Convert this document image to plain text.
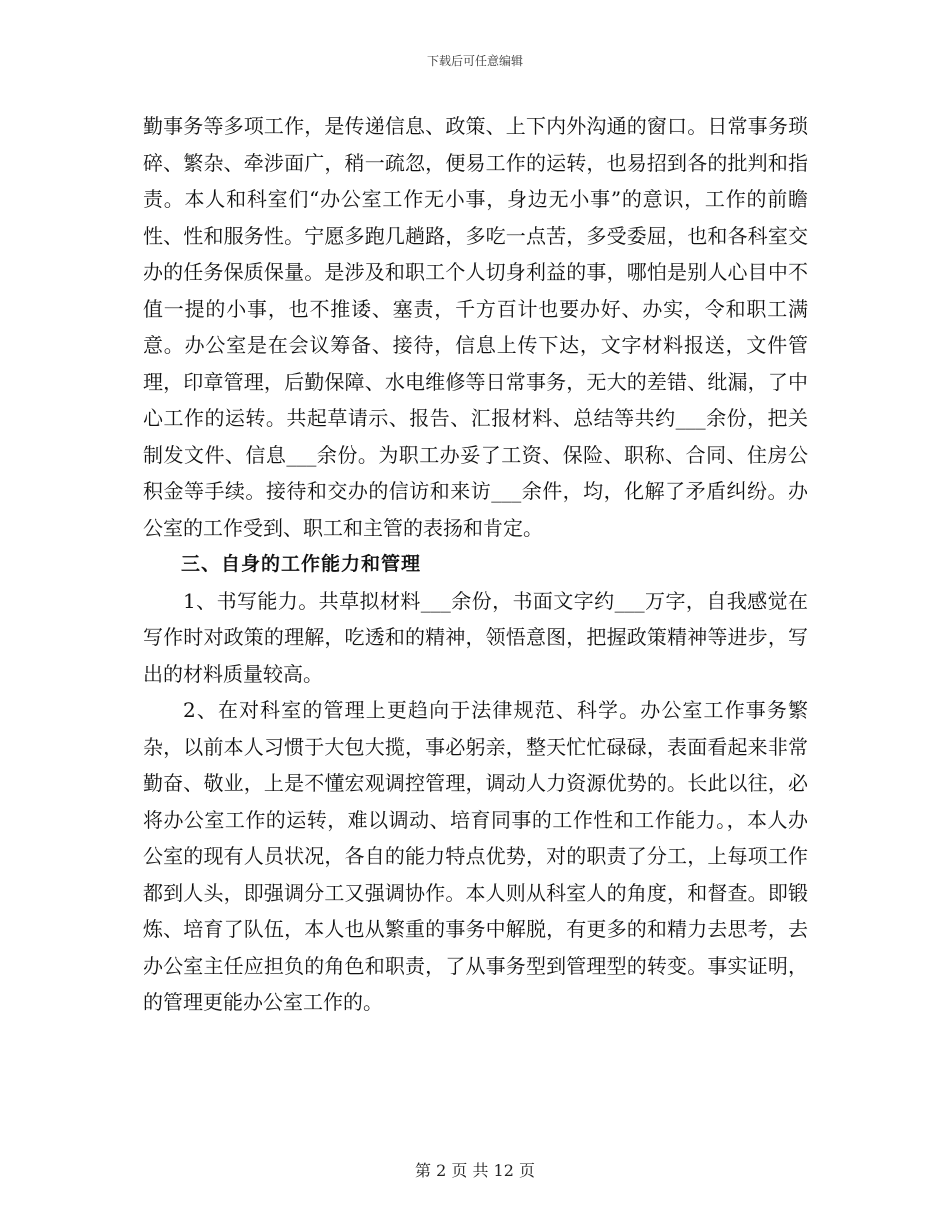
下载后可任意编辑

勤事务等多项工作，是传递信息、政策、上下内外沟通的窗口。日常事务琐碎、繁杂、牵涉面广，稍一疏忽，便易工作的运转，也易招到各的批判和指责。本人和科室们“办公室工作无小事，身边无小事”的意识，工作的前瞻性、性和服务性。宁愿多跑几趟路，多吃一点苦，多受委屈，也和各科室交办的任务保质保量。是涉及和职工个人切身利益的事，哪怕是别人心目中不值一提的小事，也不推诿、塞责，千方百计也要办好、办实，令和职工满意。办公室是在会议筹备、接待，信息上传下达，文字材料报送，文件管理，印章管理，后勤保障、水电维修等日常事务，无大的差错、纰漏，了中心工作的运转。共起草请示、报告、汇报材料、总结等共约___余份，把关制发文件、信息___余份。为职工办妥了工资、保险、职称、合同、住房公积金等手续。接待和交办的信访和来访___余件，均，化解了矛盾纠纷。办公室的工作受到、职工和主管的表扬和肯定。

三、自身的工作能力和管理

1、书写能力。共草拟材料___余份，书面文字约___万字，自我感觉在写作时对政策的理解，吃透和的精神，领悟意图，把握政策精神等进步，写出的材料质量较高。

2、在对科室的管理上更趋向于法律规范、科学。办公室工作事务繁杂，以前本人习惯于大包大揽，事必躬亲，整天忙忙碌碌，表面看起来非常勤奋、敬业，上是不懂宏观调控管理，调动人力资源优势的。长此以往，必将办公室工作的运转，难以调动、培育同事的工作性和工作能力。，本人办公室的现有人员状况，各自的能力特点优势，对的职责了分工，上每项工作都到人头，即强调分工又强调协作。本人则从科室人的角度，和督查。即锻炼、培育了队伍，本人也从繁重的事务中解脱，有更多的和精力去思考，去办公室主任应担负的角色和职责，了从事务型到管理型的转变。事实证明，的管理更能办公室工作的。

第 2 页 共 12 页
